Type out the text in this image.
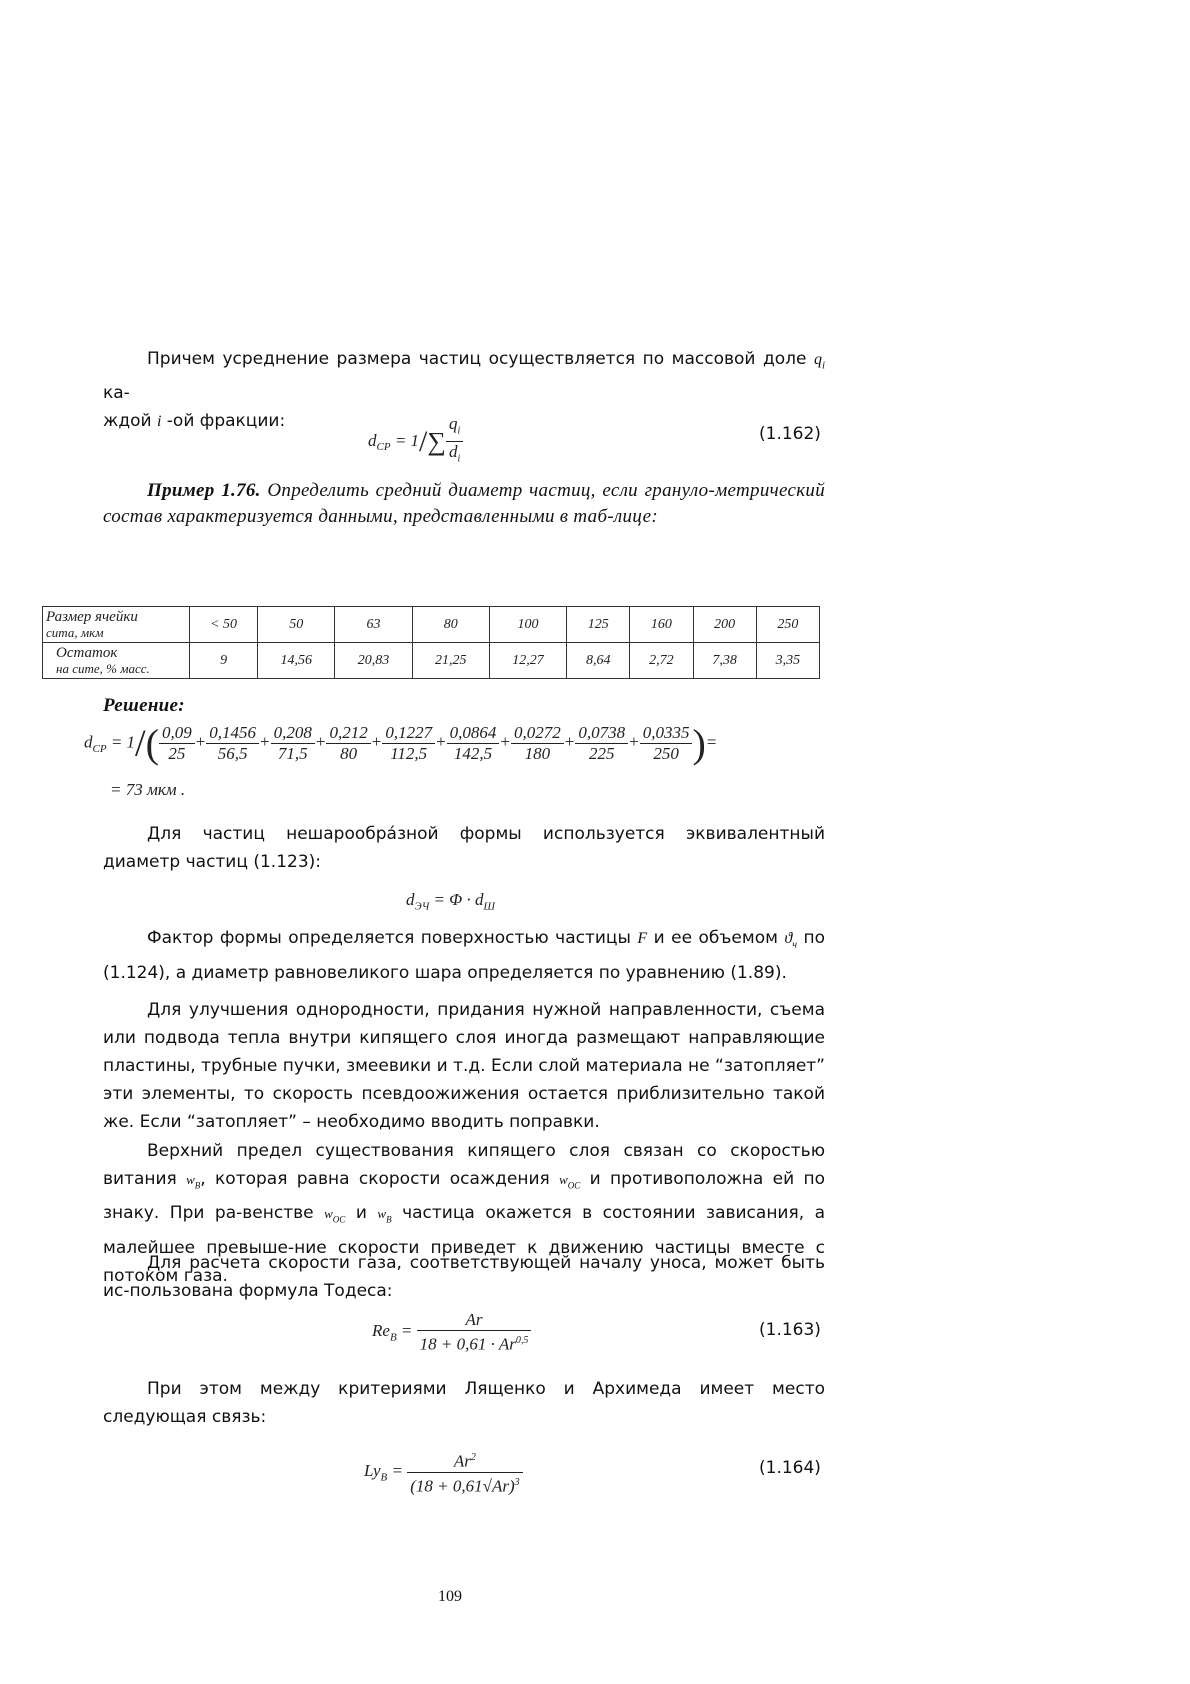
Причем усреднение размера частиц осуществляется по массовой доле $q_i$ ка-
ждой i -ой фракции:
$d_{СР} = 1/\sum \frac{q_i}{d_i}$	(1.162)
Пример 1.76. Определить средний диаметр частиц, если грануло-метрический состав характеризуется данными, представленными в таб-лице:
Размер ячейки
сита, мкм	< 50	50	63	80	100	125	160	200	250

Остаток
на сите, % масс.	9	14,56	20,83	21,25	12,27	8,64	2,72	7,38	3,35
Решение:
$d_{СР} = 1/( \frac{0,09}{25} + \frac{0,1456}{56,5} + \frac{0,208}{71,5} + \frac{0,212}{80} + \frac{0,1227}{112,5} + \frac{0,0864}{142,5} + \frac{0,0272}{180} + \frac{0,0738}{225} + \frac{0,0335}{250}$ )=
= 73 мкм .
Для частиц нешарообра́зной формы используется эквивалентный диаметр частиц (1.123):
$d_{ЭЧ} = \Phi \cdot d_Ш$
Фактор формы определяется поверхностью частицы F и ее объемом $ϑ_ч$ по (1.124), а диаметр равновеликого шара определяется по уравнению (1.89).
Для улучшения однородности, придания нужной направленности, съема или подвода тепла внутри кипящего слоя иногда размещают направляющие пластины, трубные пучки, змеевики и т.д. Если слой материала не “затопляет” эти элементы, то скорость псевдоожижения остается приблизительно такой же. Если “затопляет” – необходимо вводить поправки.
Верхний предел существования кипящего слоя связан со скоростью витания $w_В$, которая равна скорости осаждения $w_{ОС}$ и противоположна ей по знаку. При ра-венстве $w_{ОС}$ и $w_В$ частица окажется в состоянии зависания, а малейшее превыше-ние скорости приведет к движению частицы вместе с потоком газа.
Для расчета скорости газа, соответствующей началу уноса, может быть ис-пользована формула Тодеса:
$Re_В = \frac{Ar}{18 + 0,61 \cdot Ar^{0,5}}$	(1.163)
При этом между критериями Лященко и Архимеда имеет место следующая связь:
$Ly_В = \frac{Ar^2}{(18 + 0,61√Ar)^3}$	(1.164)
109
